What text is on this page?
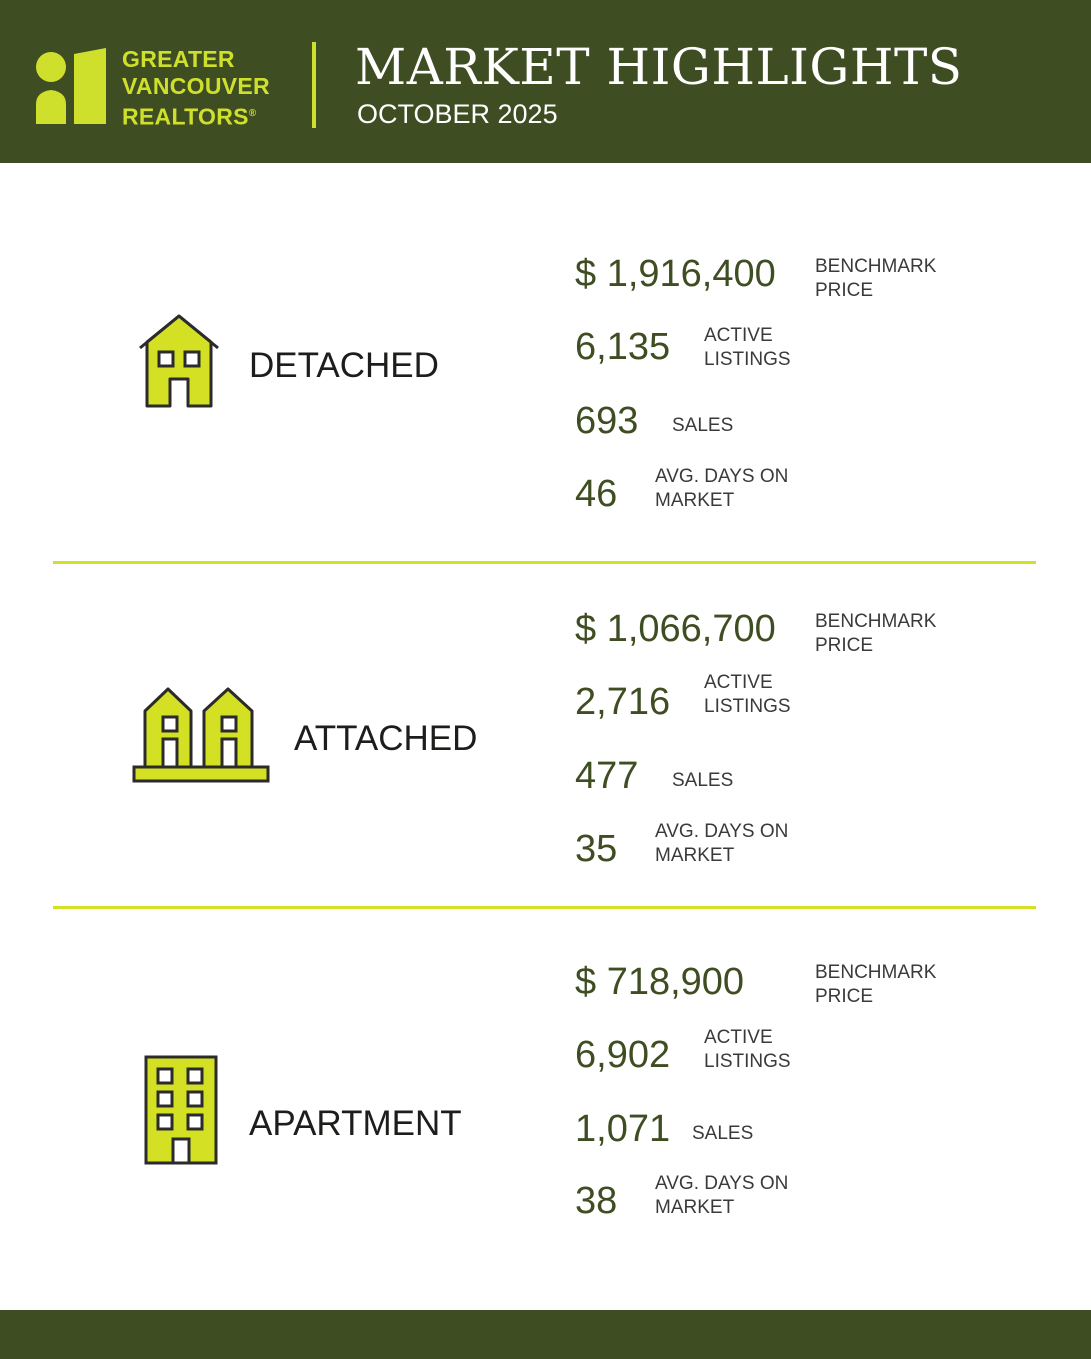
GREATER
VANCOUVER
REALTORS®
MARKET HIGHLIGHTS
OCTOBER 2025
DETACHED
$ 1,916,400 BENCHMARK
PRICE
6,135 ACTIVE
LISTINGS
693 SALES
46 AVG. DAYS ON
MARKET
ATTACHED
$ 1,066,700 BENCHMARK
PRICE
2,716 ACTIVE
LISTINGS
477 SALES
35 AVG. DAYS ON
MARKET
APARTMENT
$ 718,900	BENCHMARK
PRICE
6,902 ACTIVE
LISTINGS
1,071 SALES
38 AVG. DAYS ON
MARKET
